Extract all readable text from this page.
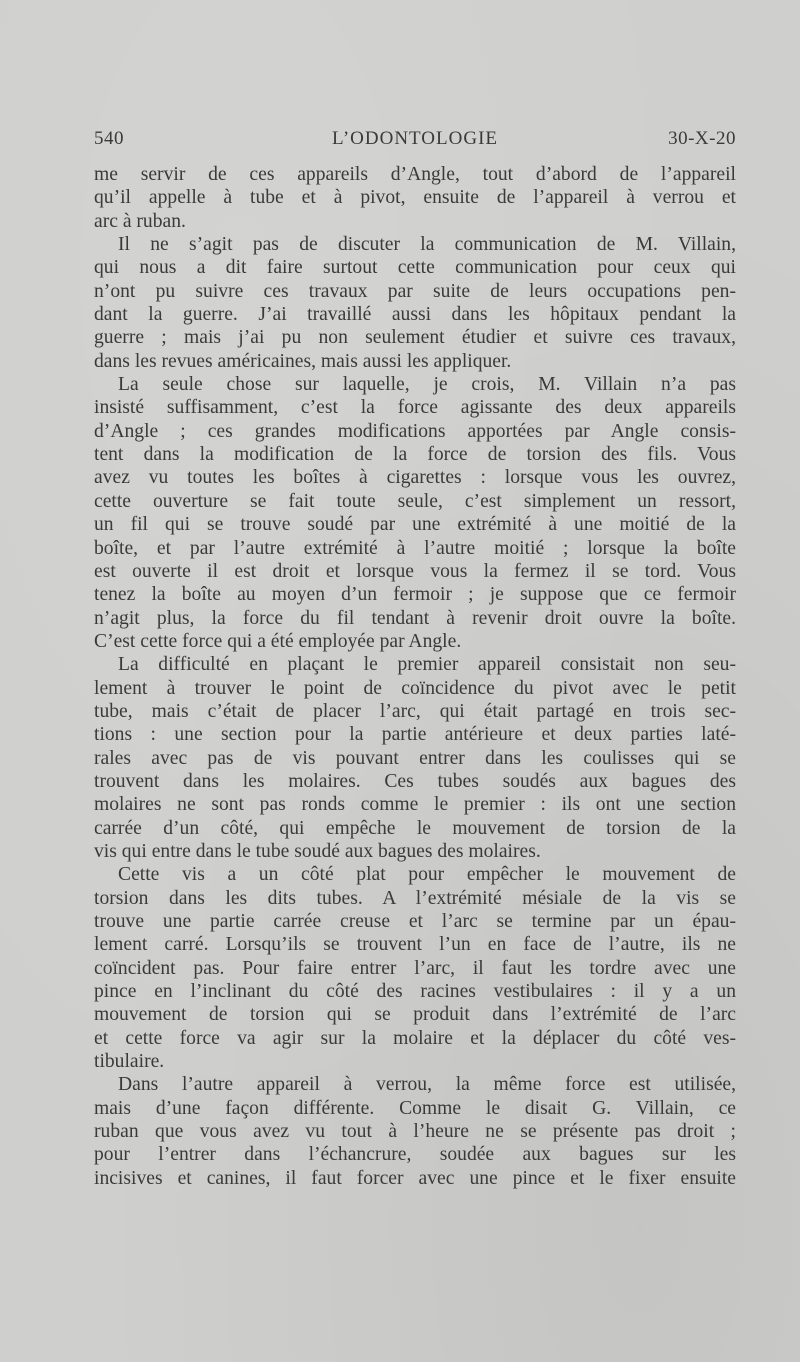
L’ODONTOLOGIE
540	30-X-20
me servir de ces appareils d’Angle, tout d’abord de l’appareil
qu’il appelle à tube et à pivot, ensuite de l’appareil à verrou et
arc à ruban.
Il ne s’agit pas de discuter la communication de M. Villain,
qui nous a dit faire surtout cette communication pour ceux qui
n’ont pu suivre ces travaux par suite de leurs occupations pen-
dant la guerre. J’ai travaillé aussi dans les hôpitaux pendant la
guerre ; mais j’ai pu non seulement étudier et suivre ces travaux,
dans les revues américaines, mais aussi les appliquer.
La seule chose sur laquelle, je crois, M. Villain n’a pas
insisté suffisamment, c’est la force agissante des deux appareils
d’Angle ; ces grandes modifications apportées par Angle consis-
tent dans la modification de la force de torsion des fils. Vous
avez vu toutes les boîtes à cigarettes : lorsque vous les ouvrez,
cette ouverture se fait toute seule, c’est simplement un ressort,
un fil qui se trouve soudé par une extrémité à une moitié de la
boîte, et par l’autre extrémité à l’autre moitié ; lorsque la boîte
est ouverte il est droit et lorsque vous la fermez il se tord. Vous
tenez la boîte au moyen d’un fermoir ; je suppose que ce fermoir
n’agit plus, la force du fil tendant à revenir droit ouvre la boîte.
C’est cette force qui a été employée par Angle.
La difficulté en plaçant le premier appareil consistait non seu-
lement à trouver le point de coïncidence du pivot avec le petit
tube, mais c’était de placer l’arc, qui était partagé en trois sec-
tions : une section pour la partie antérieure et deux parties laté-
rales avec pas de vis pouvant entrer dans les coulisses qui se
trouvent dans les molaires. Ces tubes soudés aux bagues des
molaires ne sont pas ronds comme le premier : ils ont une section
carrée d’un côté, qui empêche le mouvement de torsion de la
vis qui entre dans le tube soudé aux bagues des molaires.
Cette vis a un côté plat pour empêcher le mouvement de
torsion dans les dits tubes. A l’extrémité mésiale de la vis se
trouve une partie carrée creuse et l’arc se termine par un épau-
lement carré. Lorsqu’ils se trouvent l’un en face de l’autre, ils ne
coïncident pas. Pour faire entrer l’arc, il faut les tordre avec une
pince en l’inclinant du côté des racines vestibulaires : il y a un
mouvement de torsion qui se produit dans l’extrémité de l’arc
et cette force va agir sur la molaire et la déplacer du côté ves-
tibulaire.
Dans l’autre appareil à verrou, la même force est utilisée,
mais d’une façon différente. Comme le disait G. Villain, ce
ruban que vous avez vu tout à l’heure ne se présente pas droit ;
pour l’entrer dans l’échancrure, soudée aux bagues sur les
incisives et canines, il faut forcer avec une pince et le fixer ensuite
